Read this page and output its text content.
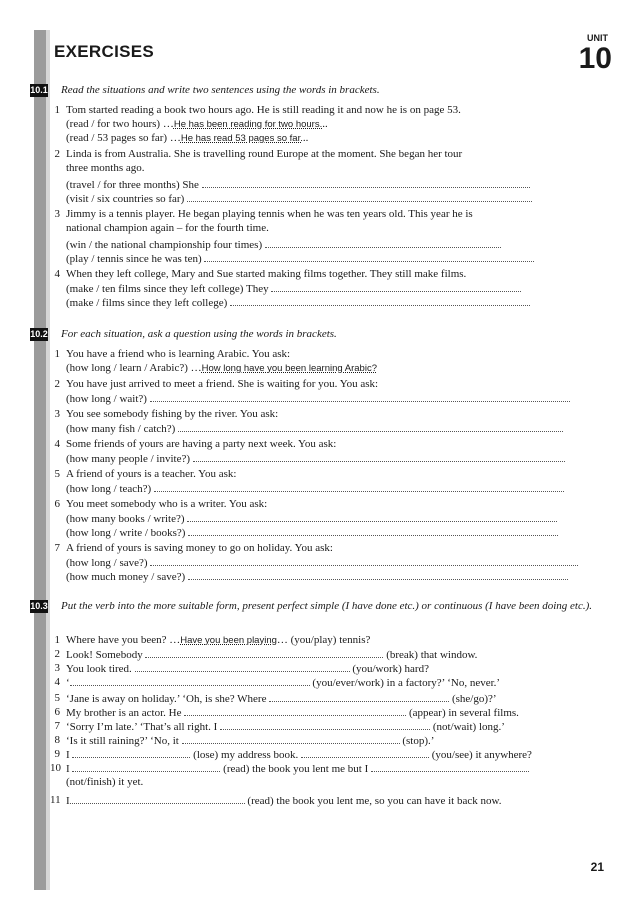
EXERCISES
UNIT
10
10.1 Read the situations and write two sentences using the words in brackets.
1 Tom started reading a book two hours ago. He is still reading it and now he is on page 53.
(read / for two hours) …He has been reading for two hours...
(read / 53 pages so far) …He has read 53 pages so far...
2 Linda is from Australia. She is travelling round Europe at the moment. She began her tour
three months ago.
(travel / for three months) She
(visit / six countries so far)
3 Jimmy is a tennis player. He began playing tennis when he was ten years old. This year he is
national champion again – for the fourth time.
(win / the national championship four times)
(play / tennis since he was ten)
4 When they left college, Mary and Sue started making films together. They still make films.
(make / ten films since they left college) They
(make / films since they left college)
10.2 For each situation, ask a question using the words in brackets.
1 You have a friend who is learning Arabic. You ask:
(how long / learn / Arabic?) …How long have you been learning Arabic?
2 You have just arrived to meet a friend. She is waiting for you. You ask:
(how long / wait?)
3 You see somebody fishing by the river. You ask:
(how many fish / catch?)
4 Some friends of yours are having a party next week. You ask:
(how many people / invite?)
5 A friend of yours is a teacher. You ask:
(how long / teach?)
6 You meet somebody who is a writer. You ask:
(how many books / write?)
(how long / write / books?)
7 A friend of yours is saving money to go on holiday. You ask:
(how long / save?)
(how much money / save?)
10.3 Put the verb into the more suitable form, present perfect simple (I have done etc.) or continuous (I have been doing etc.).
1 Where have you been? …Have you been playing… (you/play) tennis?
2 Look! Somebody	(break) that window.
3 You look tired.	(you/work) hard?
4 ‘	(you/ever/work) in a factory?’ ‘No, never.’
5 ‘Jane is away on holiday.’ ‘Oh, is she? Where	(she/go)?’
6 My brother is an actor. He	(appear) in several films.
7 ‘Sorry I’m late.’ ‘That’s all right. I	(not/wait) long.’
8 ‘Is it still raining?’ ‘No, it	(stop).’
9 I	(lose) my address book.	(you/see) it anywhere?
10 I	(read) the book you lent me but I
(not/finish) it yet.
11 I	(read) the book you lent me, so you can have it back now.
21
